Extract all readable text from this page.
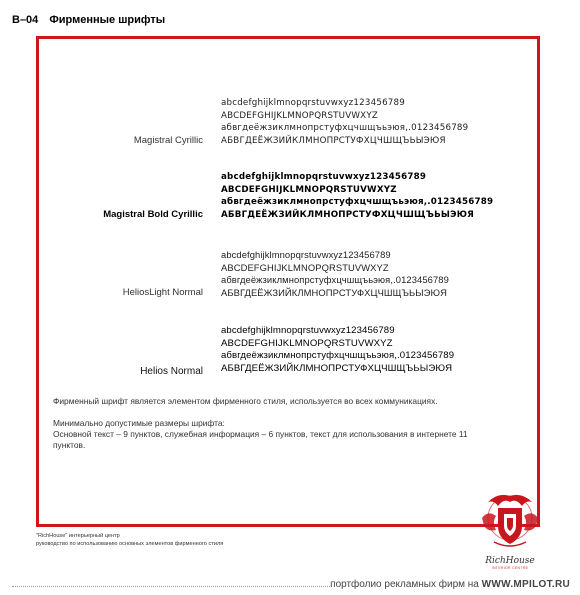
B–04 Фирменные шрифты
Magistral Cyrillic
abcdefghijklmnopqrstuvwxyz123456789
ABCDEFGHIJKLMNOPQRSTUVWXYZ
абвгдеёжзиклмнопрстуфхцчшщъьэюя,.0123456789
АБВГДЕЁЖЗИЙКЛМНОПРСТУФХЦЧШЩЪЬЫЭЮЯ
Magistral Bold Cyrillic
abcdefghijklmnopqrstuvwxyz123456789
ABCDEFGHIJKLMNOPQRSTUVWXYZ
абвгдеёжзиклмнопрстуфхцчшщъьэюя,.0123456789
АБВГДЕЁЖЗИЙКЛМНОПРСТУФХЦЧШЩЪЬЫЭЮЯ
HeliosLight Normal
abcdefghijklmnopqrstuvwxyz123456789
ABCDEFGHIJKLMNOPQRSTUVWXYZ
абвгдеёжзиклмнопрстуфхцчшщъьэюя,.0123456789
АБВГДЕЁЖЗИЙКЛМНОПРСТУФХЦЧШЩЪЬЫЭЮЯ
Helios Normal
abcdefghijklmnopqrstuvwxyz123456789
ABCDEFGHIJKLMNOPQRSTUVWXYZ
абвгдеёжзиклмнопрстуфхцчшщъьэюя,.0123456789
АБВГДЕЁЖЗИЙКЛМНОПРСТУФХЦЧШЩЪЬЫЭЮЯ

Фирменный шрифт является элементом фирменного стиля, используется во всех коммуникациях.

Минимально допустимые размеры шрифта:

Основной текст – 9 пунктов, служебная информация – 6 пунктов, текст для использования в интернете 11 пунктов.

"RichHouse" интерьерный центр
руководство по использованию основных элементов фирменного стиля
RichHouse
INTERIOR CENTRE
портфолио рекламных фирм на WWW.MPILOT.RU
